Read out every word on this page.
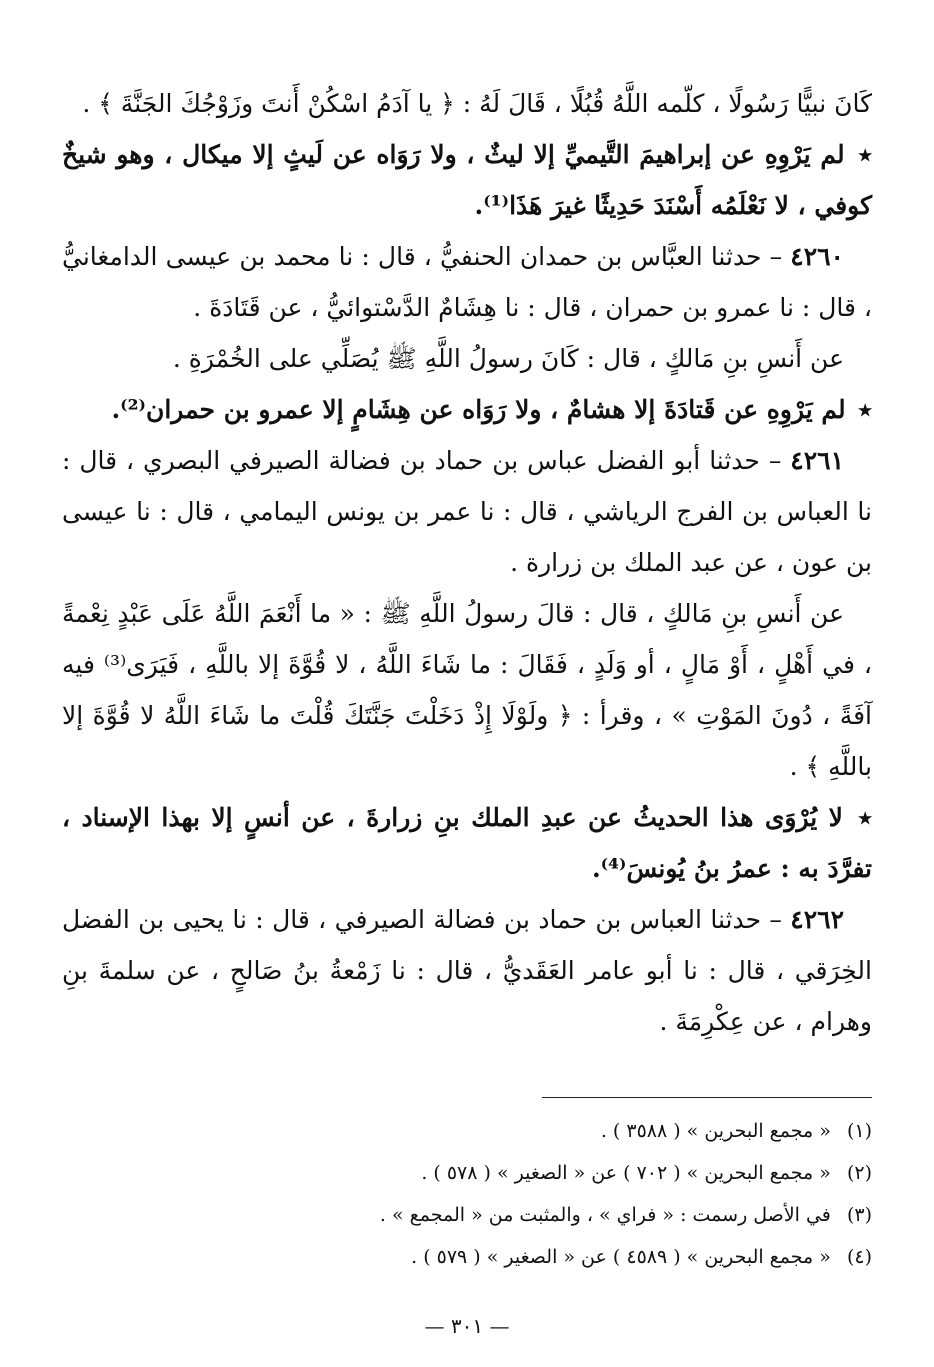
كَانَ نبيًّا رَسُولًا ، كلّمه اللَّهُ قُبُلًا ، قَالَ لَهُ : ﴿ يا آدَمُ اسْكُنْ أَنتَ وزَوْجُكَ الجَنَّةَ ﴾ .

٭ لم يَرْوِهِ عن إبراهيمَ التَّيميِّ إلا ليثٌ ، ولا رَوَاه عن لَيثٍ إلا ميكال ، وهو شيخٌ كوفي ، لا نَعْلَمُه أَسْنَدَ حَدِيثًا غيرَ هَذَا⁽¹⁾.

٤٢٦٠ – حدثنا العبَّاس بن حمدان الحنفيُّ ، قال : نا محمد بن عيسى الدامغانيُّ ، قال : نا عمرو بن حمران ، قال : نا هِشَامٌ الدَّسْتوائيُّ ، عن قَتَادَةَ .

عن أَنسِ بنِ مَالكٍ ، قال : كَانَ رسولُ اللَّهِ ﷺ يُصَلِّي على الخُمْرَةِ .

٭ لم يَرْوِهِ عن قَتادَةَ إلا هشامٌ ، ولا رَوَاه عن هِشَامٍ إلا عمرو بن حمران⁽²⁾.

٤٢٦١ – حدثنا أبو الفضل عباس بن حماد بن فضالة الصيرفي البصري ، قال : نا العباس بن الفرج الرياشي ، قال : نا عمر بن يونس اليمامي ، قال : نا عيسى بن عون ، عن عبد الملك بن زرارة .

عن أَنسِ بنِ مَالكٍ ، قال : قالَ رسولُ اللَّهِ ﷺ : « ما أَنْعَمَ اللَّهُ عَلَى عَبْدٍ نِعْمةً ، في أَهْلٍ ، أَوْ مَالٍ ، أو وَلَدٍ ، فَقَالَ : ما شَاءَ اللَّهُ ، لا قُوَّةَ إلا باللَّهِ ، فَيَرَى⁽³⁾ فيه آفَةً ، دُونَ المَوْتِ » ، وقرأ : ﴿ ولَوْلَا إِذْ دَخَلْتَ جَنَّتَكَ قُلْتَ ما شَاءَ اللَّهُ لا قُوَّةَ إلا باللَّهِ ﴾ .

٭ لا يُرْوَى هذا الحديثُ عن عبدِ الملك بنِ زرارةَ ، عن أنسٍ إلا بهذا الإسناد ، تفرَّدَ به : عمرُ بنُ يُونسَ⁽⁴⁾.

٤٢٦٢ – حدثنا العباس بن حماد بن فضالة الصيرفي ، قال : نا يحيى بن الفضل الخِرَقي ، قال : نا أبو عامر العَقَديُّ ، قال : نا زَمْعةُ بنُ صَالحٍ ، عن سلمةَ بنِ وهرام ، عن عِكْرِمَةَ .

(١) « مجمع البحرين » ( ٣٥٨٨ ) .

(٢) « مجمع البحرين » ( ٧٠٢ ) عن « الصغير » ( ٥٧٨ ) .

(٣) في الأصل رسمت : « فراي » ، والمثبت من « المجمع » .

(٤) « مجمع البحرين » ( ٤٥٨٩ ) عن « الصغير » ( ٥٧٩ ) .

— ٣٠١ —
